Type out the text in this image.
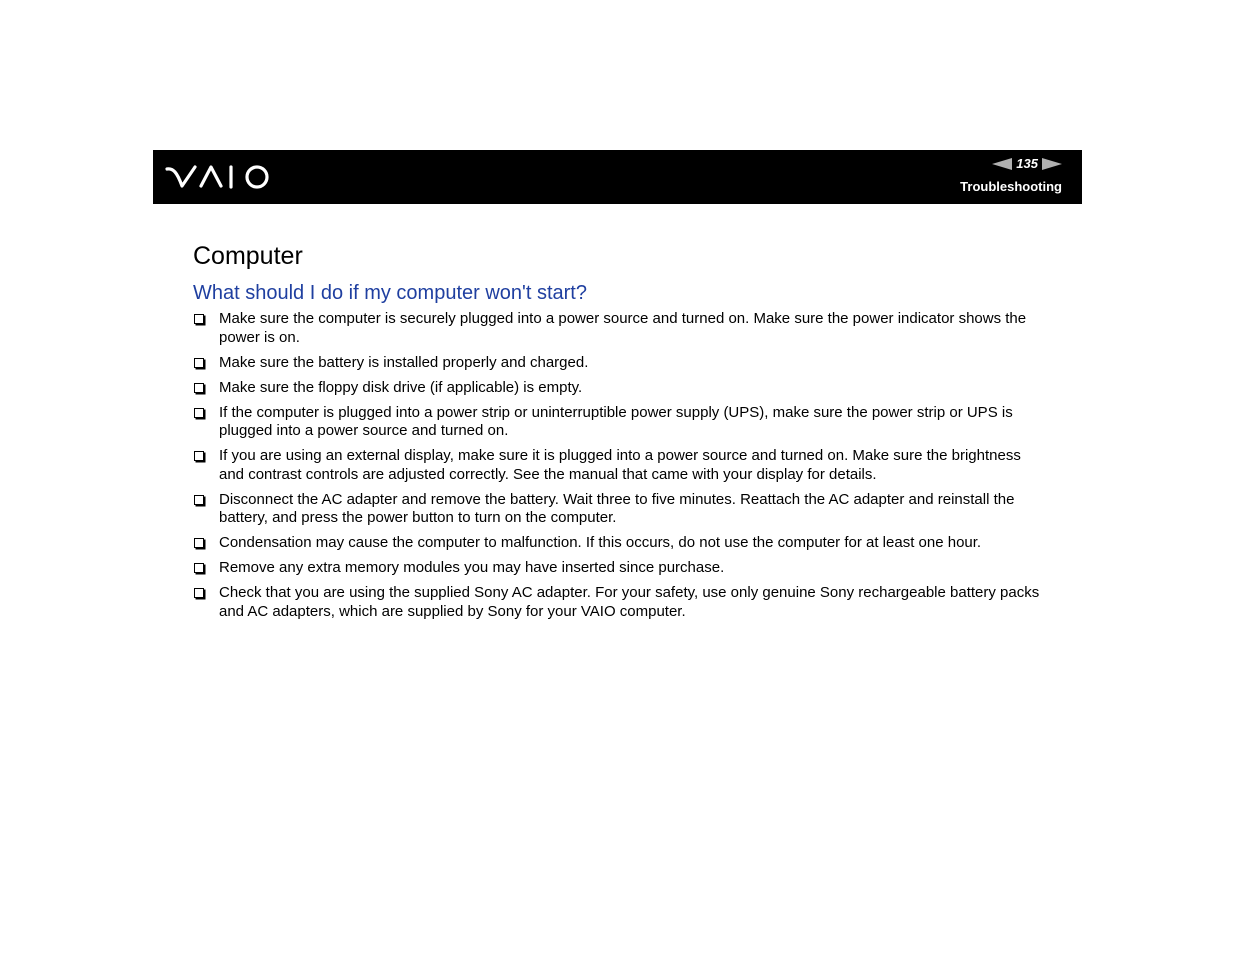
135
Troubleshooting
Computer
What should I do if my computer won't start?
Make sure the computer is securely plugged into a power source and turned on. Make sure the power indicator shows the power is on.
Make sure the battery is installed properly and charged.
Make sure the floppy disk drive (if applicable) is empty.
If the computer is plugged into a power strip or uninterruptible power supply (UPS), make sure the power strip or UPS is plugged into a power source and turned on.
If you are using an external display, make sure it is plugged into a power source and turned on. Make sure the brightness and contrast controls are adjusted correctly. See the manual that came with your display for details.
Disconnect the AC adapter and remove the battery. Wait three to five minutes. Reattach the AC adapter and reinstall the battery, and press the power button to turn on the computer.
Condensation may cause the computer to malfunction. If this occurs, do not use the computer for at least one hour.
Remove any extra memory modules you may have inserted since purchase.
Check that you are using the supplied Sony AC adapter. For your safety, use only genuine Sony rechargeable battery packs and AC adapters, which are supplied by Sony for your VAIO computer.
